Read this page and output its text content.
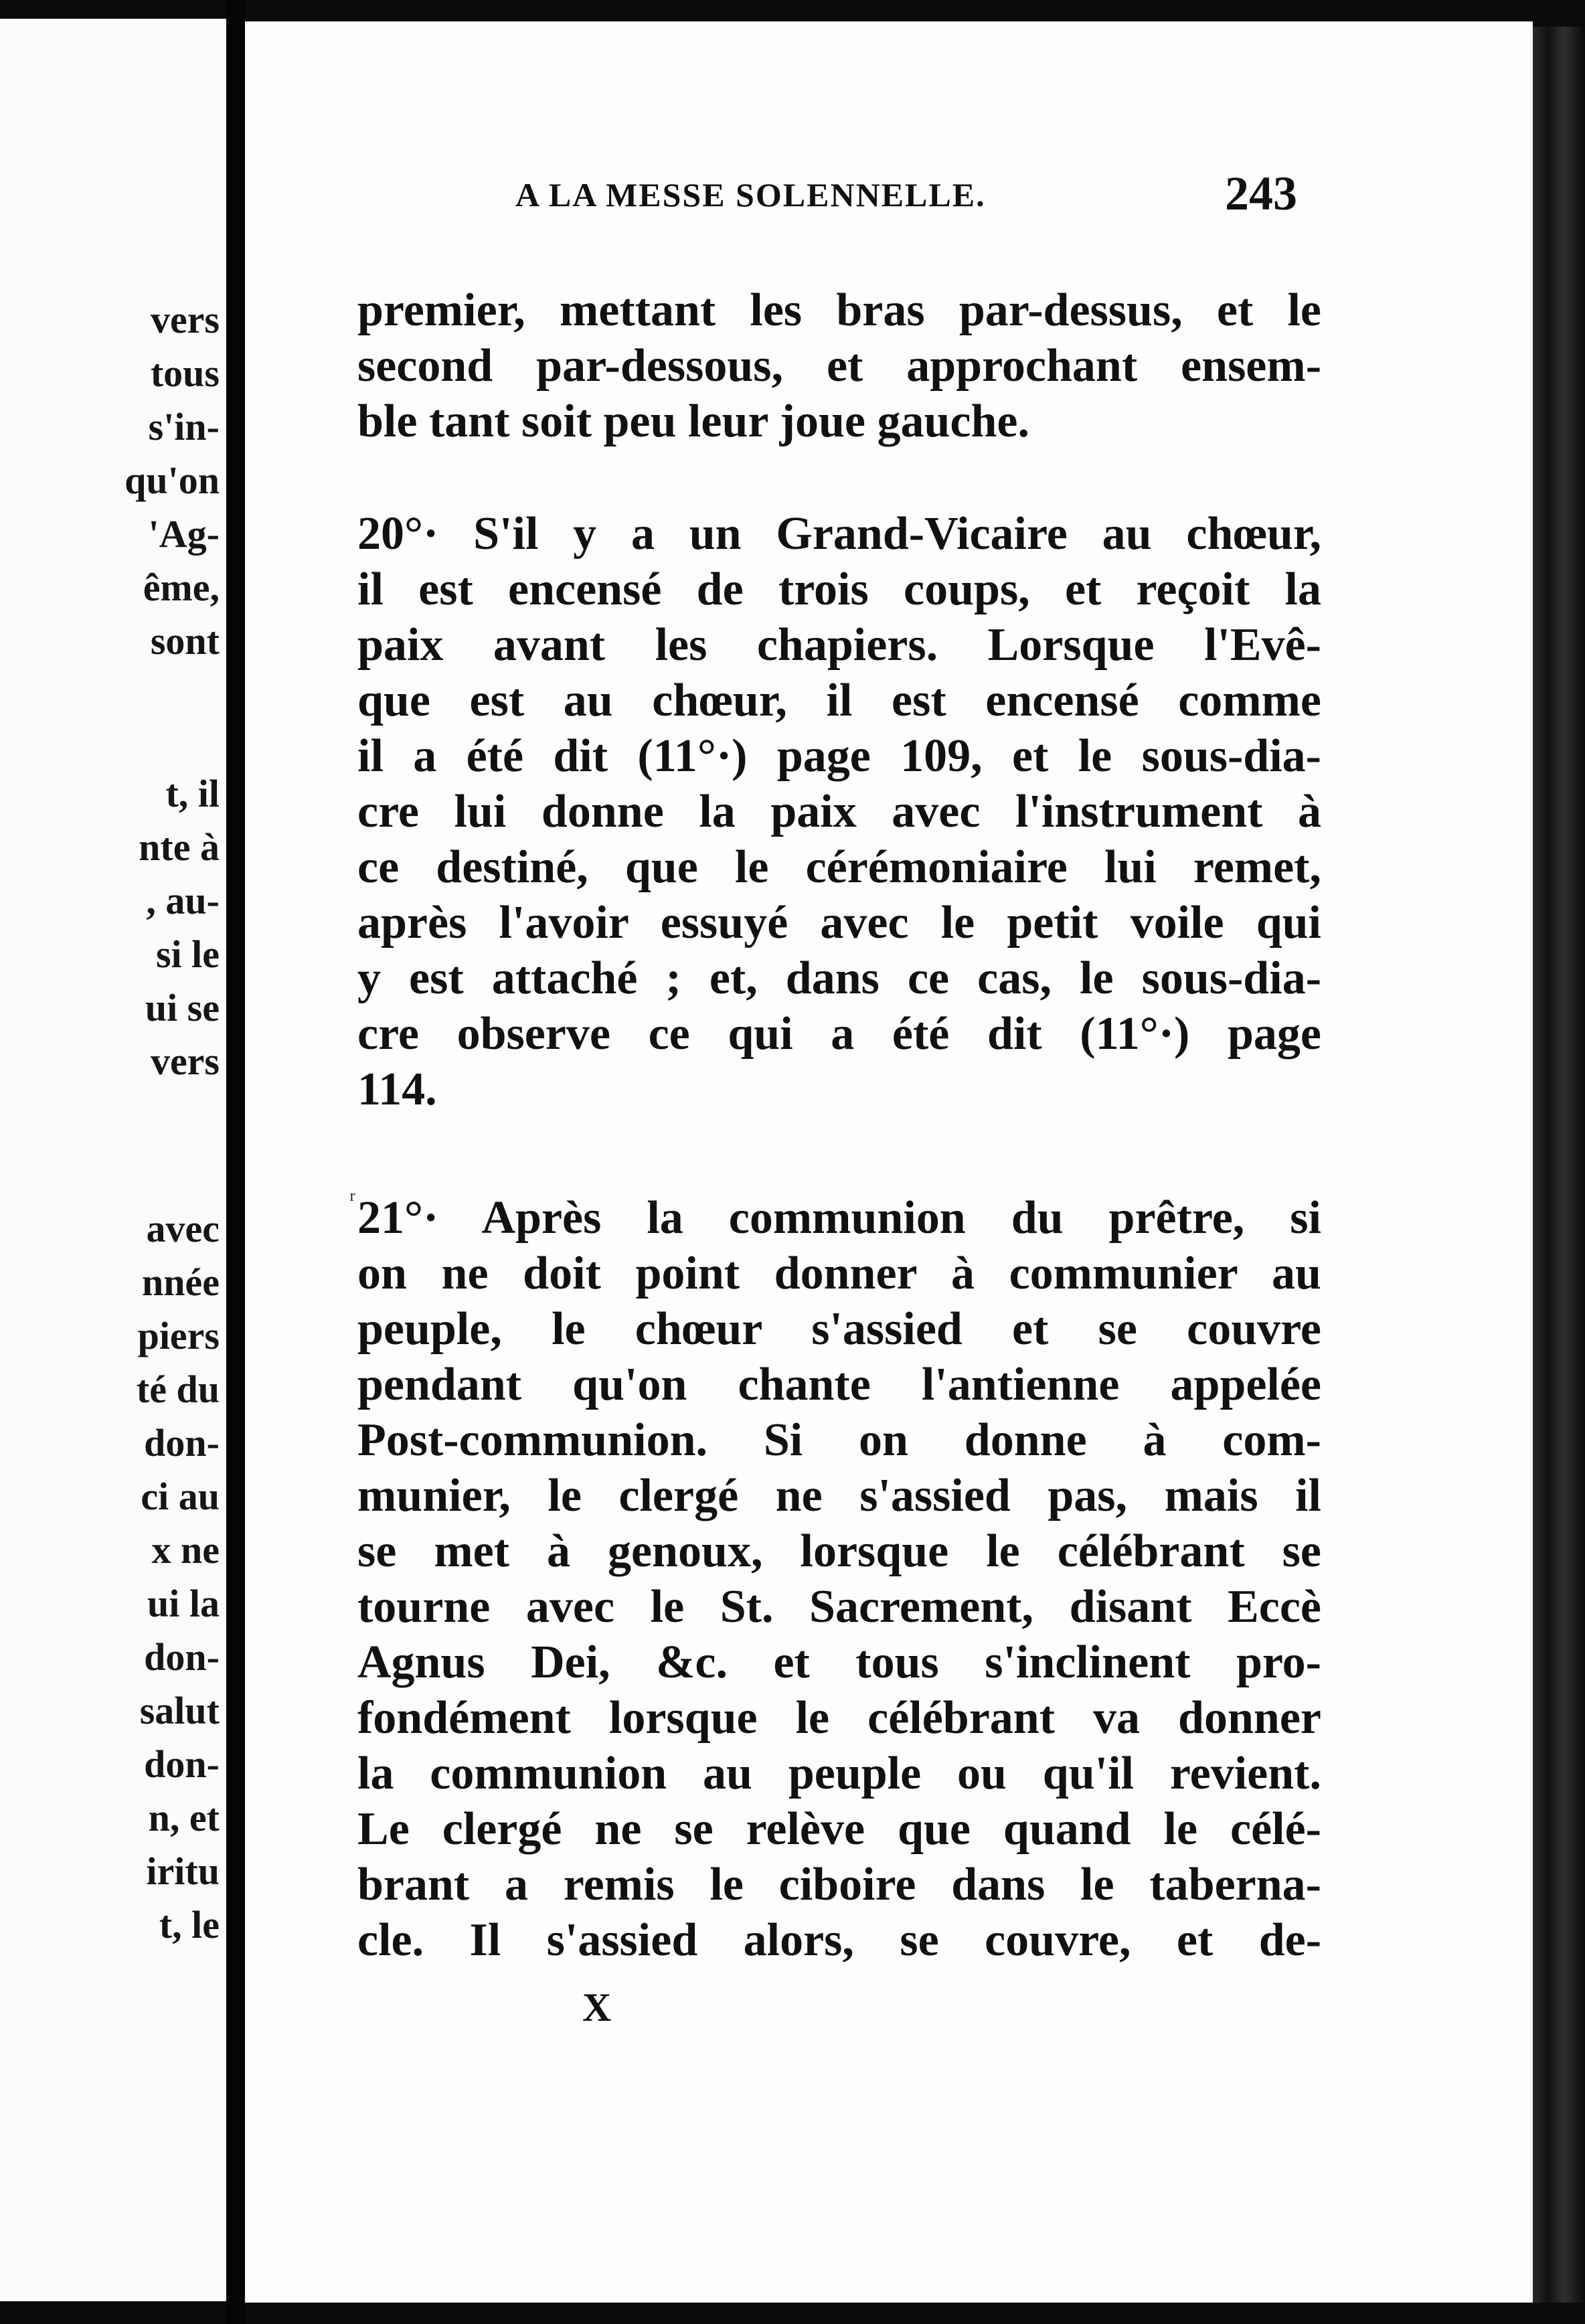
vers
tous
s'in-
qu'on
'Ag-
ême,
sont
t, il
nte à
, au-
si le
ui se
vers
avec
nnée
piers
té du
don-
ci au
x ne
ui la
don-
salut
don-
n, et
iritu
t, le
A LA MESSE SOLENNELLE.	243
ʳ
premier, mettant les bras par-dessus, et le
second par-dessous, et approchant ensem-
ble tant soit peu leur joue gauche.
20°· S'il y a un Grand-Vicaire au chœur,
il est encensé de trois coups, et reçoit la
paix avant les chapiers. Lorsque l'Evê-
que est au chœur, il est encensé comme
il a été dit (11°·) page 109, et le sous-dia-
cre lui donne la paix avec l'instrument à
ce destiné, que le cérémoniaire lui remet,
après l'avoir essuyé avec le petit voile qui
y est attaché ; et, dans ce cas, le sous-dia-
cre observe ce qui a été dit (11°·) page
114.
21°· Après la communion du prêtre, si
on ne doit point donner à communier au
peuple, le chœur s'assied et se couvre
pendant qu'on chante l'antienne appelée
Post-communion. Si on donne à com-
munier, le clergé ne s'assied pas, mais il
se met à genoux, lorsque le célébrant se
tourne avec le St. Sacrement, disant Eccè
Agnus Dei, &c. et tous s'inclinent pro-
fondément lorsque le célébrant va donner
la communion au peuple ou qu'il revient.
Le clergé ne se relève que quand le célé-
brant a remis le ciboire dans le taberna-
cle. Il s'assied alors, se couvre, et de-
X
